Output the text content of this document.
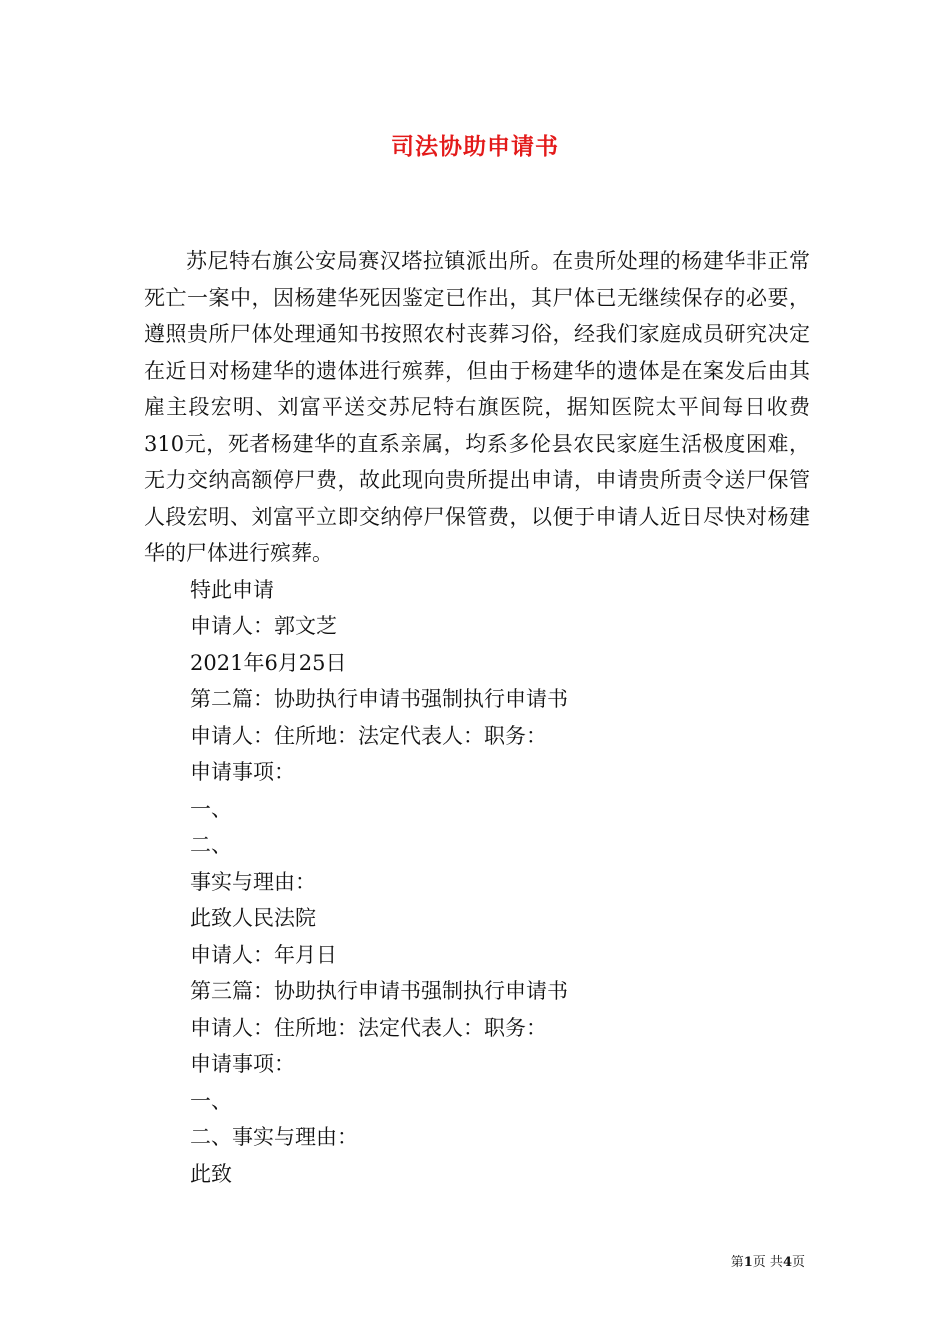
司法协助申请书

苏尼特右旗公安局赛汉塔拉镇派出所。在贵所处理的杨建华非正常死亡一案中，因杨建华死因鉴定已作出，其尸体已无继续保存的必要，遵照贵所尸体处理通知书按照农村丧葬习俗，经我们家庭成员研究决定在近日对杨建华的遗体进行殡葬，但由于杨建华的遗体是在案发后由其雇主段宏明、刘富平送交苏尼特右旗医院，据知医院太平间每日收费310元，死者杨建华的直系亲属，均系多伦县农民家庭生活极度困难，无力交纳高额停尸费，故此现向贵所提出申请，申请贵所责令送尸保管人段宏明、刘富平立即交纳停尸保管费，以便于申请人近日尽快对杨建华的尸体进行殡葬。

特此申请

申请人：郭文芝

2021年6月25日

第二篇：协助执行申请书强制执行申请书

申请人：住所地：法定代表人：职务：

申请事项：

一、

二、

事实与理由：

此致人民法院

申请人：年月日

第三篇：协助执行申请书强制执行申请书

申请人：住所地：法定代表人：职务：

申请事项：

一、

二、事实与理由：

此致

第1页 共4页
